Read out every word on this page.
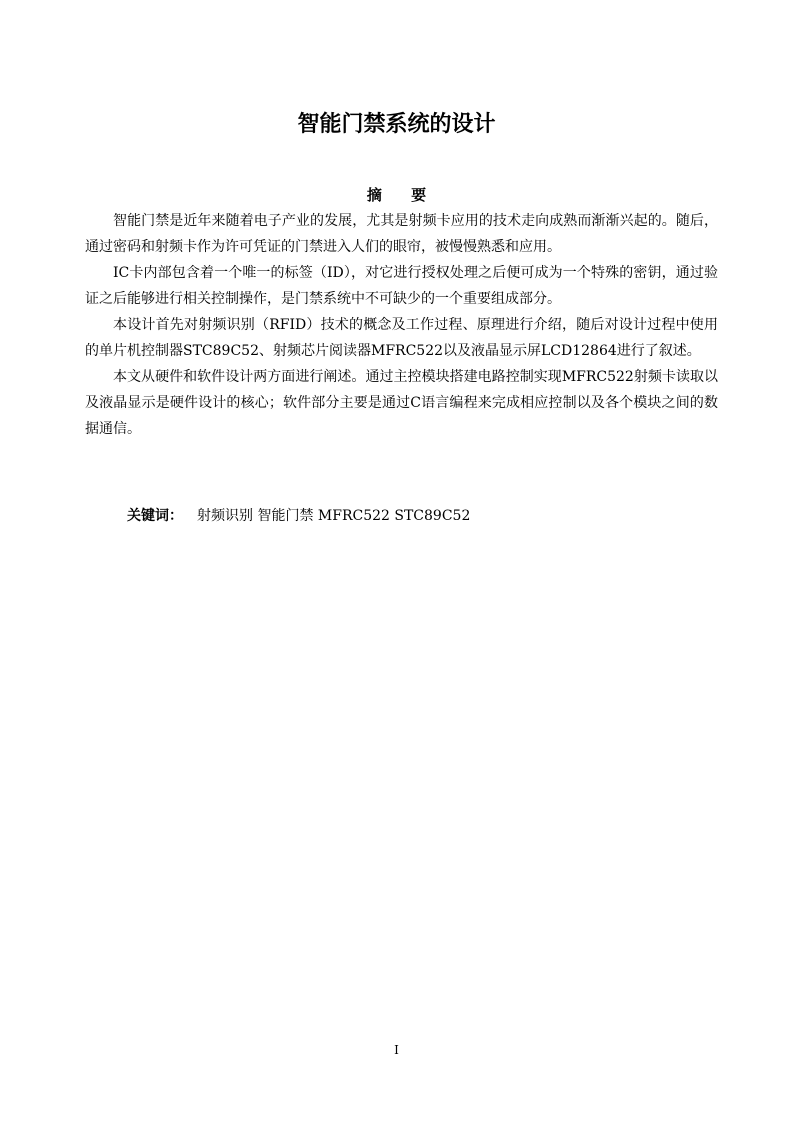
智能门禁系统的设计
摘 要

智能门禁是近年来随着电子产业的发展，尤其是射频卡应用的技术走向成熟而渐渐兴起的。随后，通过密码和射频卡作为许可凭证的门禁进入人们的眼帘，被慢慢熟悉和应用。

IC卡内部包含着一个唯一的标签（ID），对它进行授权处理之后便可成为一个特殊的密钥，通过验证之后能够进行相关控制操作，是门禁系统中不可缺少的一个重要组成部分。

本设计首先对射频识别（RFID）技术的概念及工作过程、原理进行介绍，随后对设计过程中使用的单片机控制器STC89C52、射频芯片阅读器MFRC522以及液晶显示屏LCD12864进行了叙述。

本文从硬件和软件设计两方面进行阐述。通过主控模块搭建电路控制实现MFRC522射频卡读取以及液晶显示是硬件设计的核心；软件部分主要是通过C语言编程来完成相应控制以及各个模块之间的数据通信。

关键词： 射频识别 智能门禁 MFRC522 STC89C52
I
